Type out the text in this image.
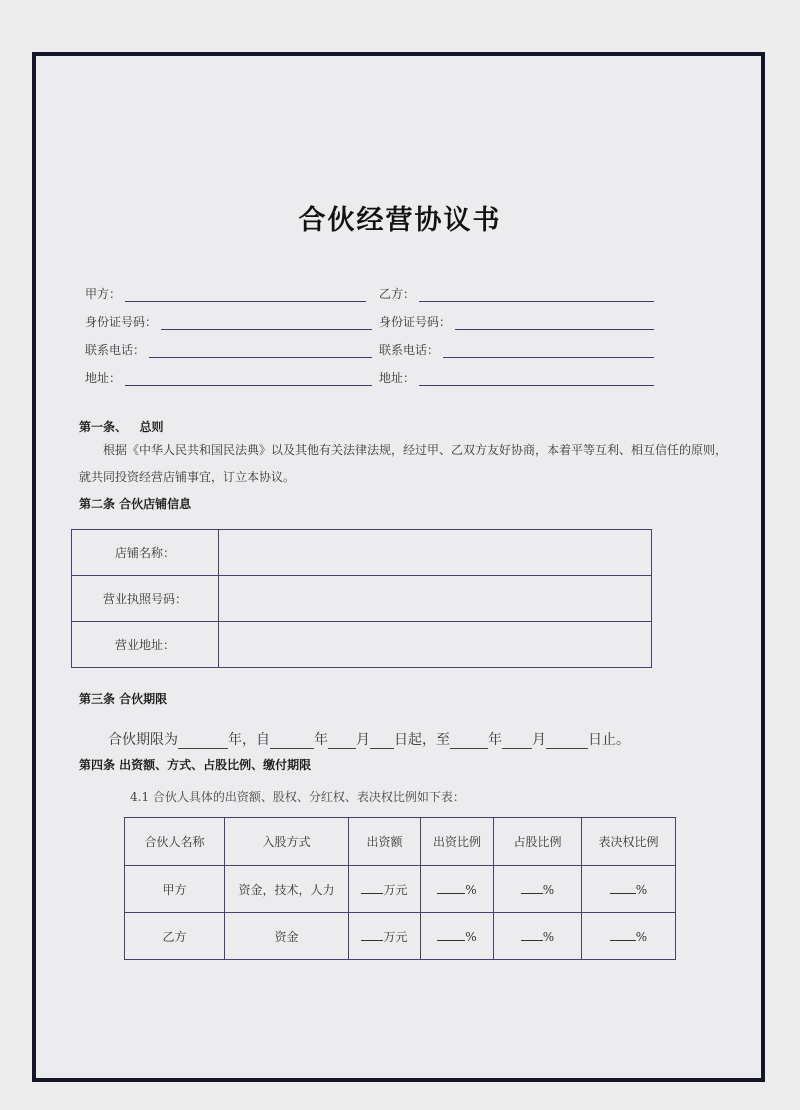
合伙经营协议书
甲方：	乙方：
身份证号码：	身份证号码：
联系电话：	联系电话：
地址：	地址：
第一条、   总则
根据《中华人民共和国民法典》以及其他有关法律法规，经过甲、乙双方友好协商，本着平等互利、相互信任的原则，就共同投资经营店铺事宜，订立本协议。
第二条 合伙店铺信息
店铺名称：	
营业执照号码：	
营业地址：	
第三条 合伙期限
合伙期限为	年，自	年 月 日起，至	年 月	日止。
第四条 出资额、方式、占股比例、缴付期限
4.1 合伙人具体的出资额、股权、分红权、表决权比例如下表：
合伙人名称	入股方式	出资额	出资比例	占股比例	表决权比例
甲方	资金，技术，人力	万元	%	%	%
乙方	资金	万元	%	%	%
